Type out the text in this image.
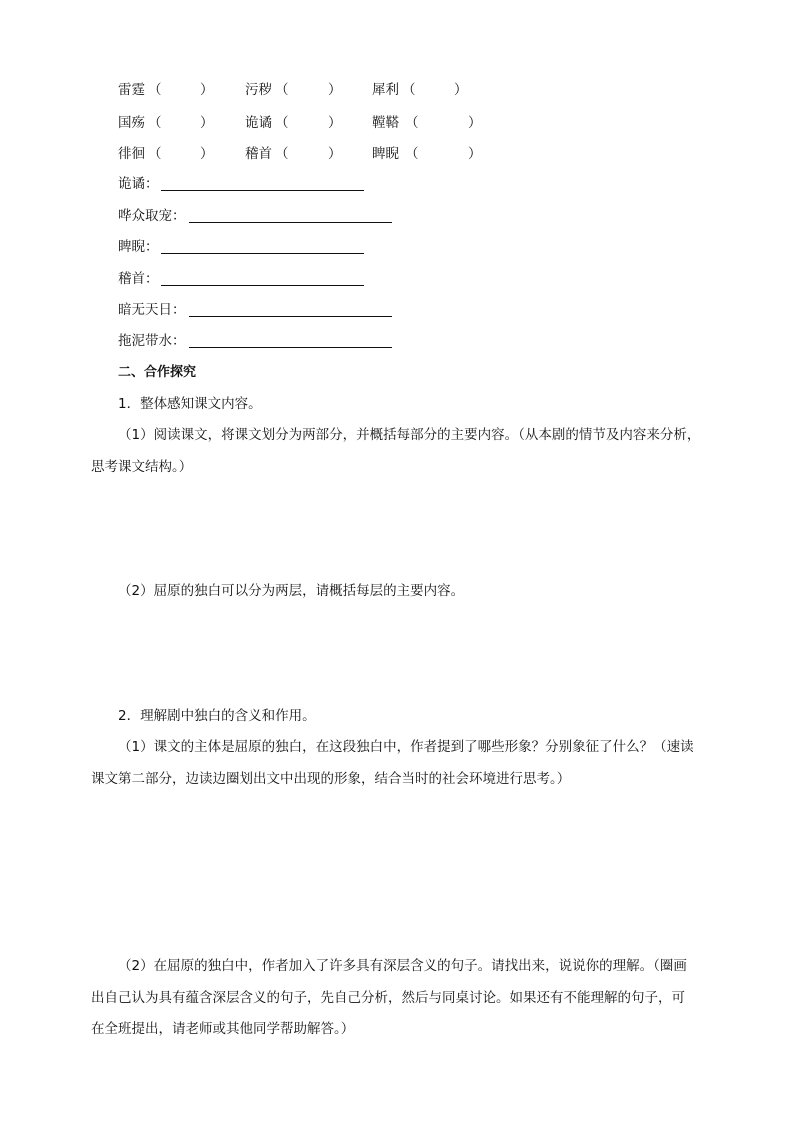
雷霆 （	） 污秽 （	） 犀利 （	）
国殇 （	） 诡谲 （	） 鞺鞳 （	）
徘徊 （	） 稽首 （	） 睥睨 （	）
诡谲：
哗众取宠：
睥睨：
稽首：
暗无天日：
拖泥带水：
二、合作探究
1．整体感知课文内容。
（1）阅读课文，将课文划分为两部分，并概括每部分的主要内容。（从本剧的情节及内容来分析，
思考课文结构。）
（2）屈原的独白可以分为两层，请概括每层的主要内容。
2．理解剧中独白的含义和作用。
（1）课文的主体是屈原的独白，在这段独白中，作者提到了哪些形象？分别象征了什么？（速读
课文第二部分，边读边圈划出文中出现的形象，结合当时的社会环境进行思考。）
（2）在屈原的独白中，作者加入了许多具有深层含义的句子。请找出来，说说你的理解。（圈画
出自己认为具有蕴含深层含义的句子，先自己分析，然后与同桌讨论。如果还有不能理解的句子，可
在全班提出，请老师或其他同学帮助解答。）
